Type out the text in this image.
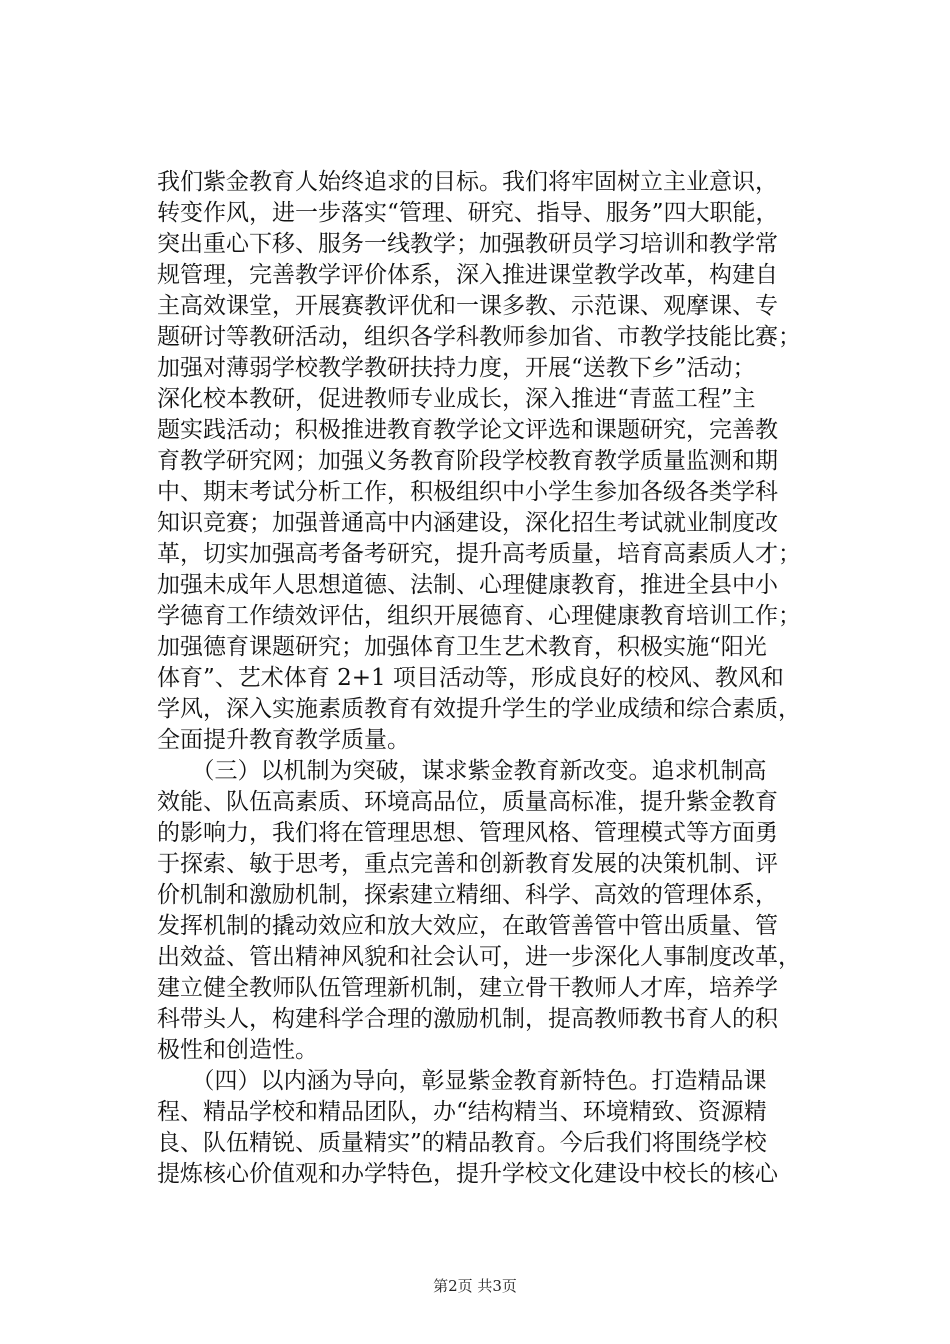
我们紫金教育人始终追求的目标。我们将牢固树立主业意识，
转变作风，进一步落实“管理、研究、指导、服务”四大职能，
突出重心下移、服务一线教学；加强教研员学习培训和教学常
规管理，完善教学评价体系，深入推进课堂教学改革，构建自
主高效课堂，开展赛教评优和一课多教、示范课、观摩课、专
题研讨等教研活动，组织各学科教师参加省、市教学技能比赛；
加强对薄弱学校教学教研扶持力度，开展“送教下乡”活动；
深化校本教研，促进教师专业成长，深入推进“青蓝工程”主
题实践活动；积极推进教育教学论文评选和课题研究，完善教
育教学研究网；加强义务教育阶段学校教育教学质量监测和期
中、期末考试分析工作，积极组织中小学生参加各级各类学科
知识竞赛；加强普通高中内涵建设，深化招生考试就业制度改
革，切实加强高考备考研究，提升高考质量，培育高素质人才；
加强未成年人思想道德、法制、心理健康教育，推进全县中小
学德育工作绩效评估，组织开展德育、心理健康教育培训工作；
加强德育课题研究；加强体育卫生艺术教育，积极实施“阳光
体育”、艺术体育 2+1 项目活动等，形成良好的校风、教风和
学风，深入实施素质教育有效提升学生的学业成绩和综合素质，
全面提升教育教学质量。
　　（三）以机制为突破，谋求紫金教育新改变。追求机制高
效能、队伍高素质、环境高品位，质量高标准，提升紫金教育
的影响力，我们将在管理思想、管理风格、管理模式等方面勇
于探索、敏于思考，重点完善和创新教育发展的决策机制、评
价机制和激励机制，探索建立精细、科学、高效的管理体系，
发挥机制的撬动效应和放大效应，在敢管善管中管出质量、管
出效益、管出精神风貌和社会认可，进一步深化人事制度改革，
建立健全教师队伍管理新机制，建立骨干教师人才库，培养学
科带头人，构建科学合理的激励机制，提高教师教书育人的积
极性和创造性。
　　（四）以内涵为导向，彰显紫金教育新特色。打造精品课
程、精品学校和精品团队，办“结构精当、环境精致、资源精
良、队伍精锐、质量精实”的精品教育。今后我们将围绕学校
提炼核心价值观和办学特色，提升学校文化建设中校长的核心
第2页 共3页
